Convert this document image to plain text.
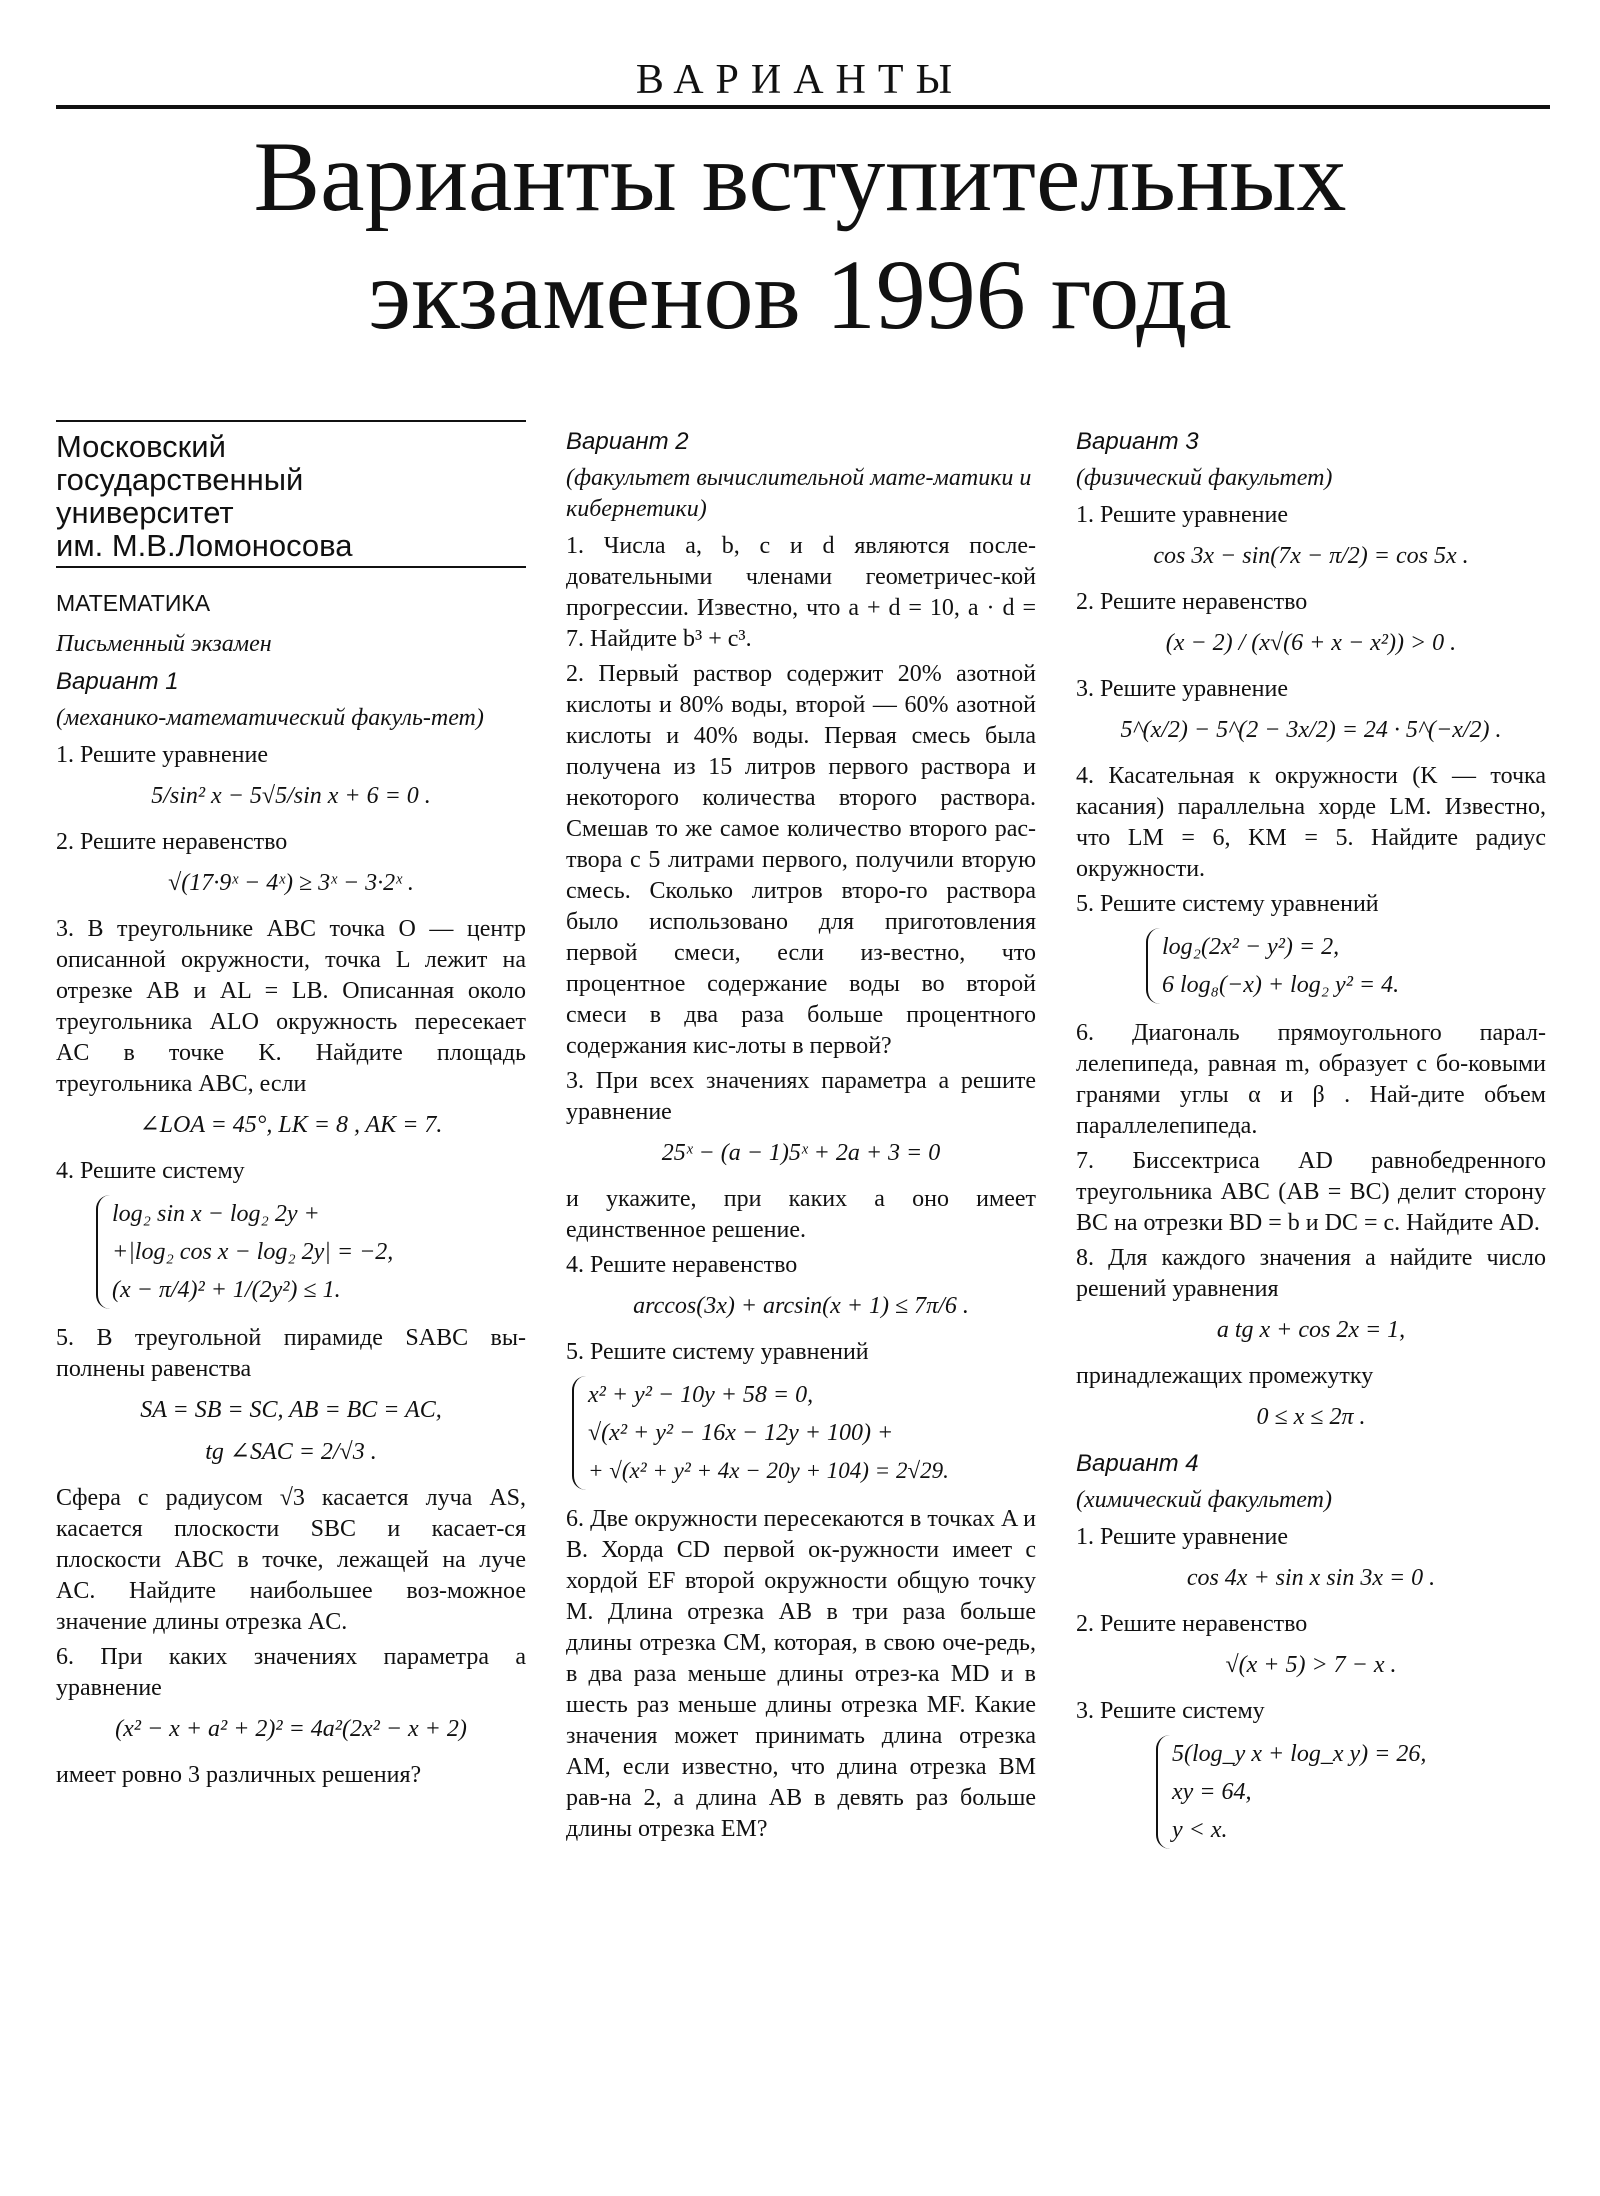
ВАРИАНТЫ
Варианты вступительных
экзаменов 1996 года
Московский
государственный
университет
им. М.В.Ломоносова
МАТЕМАТИКА
Письменный экзамен
Вариант 1
(механико-математический факуль-тет)
1. Решите уравнение
5/sin² x − 5√5/sin x + 6 = 0 .
2. Решите неравенство
√(17·9ˣ − 4ˣ) ≥ 3ˣ − 3·2ˣ .
3. В треугольнике ABC точка O — центр описанной окружности, точка L лежит на отрезке AB и AL = LB. Описанная около треугольника ALO окружность пересекает AC в точке K. Найдите площадь треугольника ABC, если
∠LOA = 45°, LK = 8 , AK = 7.
4. Решите систему
log₂ sin x − log₂ 2y +
+|log₂ cos x − log₂ 2y| = −2,
(x − π/4)² + 1/(2y²) ≤ 1.
5. В треугольной пирамиде SABC вы-полнены равенства
SA = SB = SC, AB = BC = AC,
tg ∠SAC = 2/√3 .
Сфера с радиусом √3 касается луча AS, касается плоскости SBC и касает-ся плоскости ABC в точке, лежащей на луче AC. Найдите наибольшее воз-можное значение длины отрезка AC.
6. При каких значениях параметра a уравнение
(x² − x + a² + 2)² = 4a²(2x² − x + 2)
имеет ровно 3 различных решения?
Вариант 2
(факультет вычислительной мате-матики и кибернетики)
1. Числа a, b, c и d являются после-довательными членами геометричес-кой прогрессии. Известно, что a + d = 10, a · d = 7. Найдите b³ + c³.
2. Первый раствор содержит 20% азотной кислоты и 80% воды, второй — 60% азотной кислоты и 40% воды. Первая смесь была получена из 15 литров первого раствора и некоторого количества второго раствора. Смешав то же самое количество второго рас-твора с 5 литрами первого, получили вторую смесь. Сколько литров второ-го раствора было использовано для приготовления первой смеси, если из-вестно, что процентное содержание воды во второй смеси в два раза больше процентного содержания кис-лоты в первой?
3. При всех значениях параметра a решите уравнение
25ˣ − (a − 1)5ˣ + 2a + 3 = 0
и укажите, при каких a оно имеет единственное решение.
4. Решите неравенство
arccos(3x) + arcsin(x + 1) ≤ 7π/6 .
5. Решите систему уравнений
x² + y² − 10y + 58 = 0,
√(x² + y² − 16x − 12y + 100) +
+ √(x² + y² + 4x − 20y + 104) = 2√29.
6. Две окружности пересекаются в точках A и B. Хорда CD первой ок-ружности имеет с хордой EF второй окружности общую точку M. Длина отрезка AB в три раза больше длины отрезка CM, которая, в свою оче-редь, в два раза меньше длины отрез-ка MD и в шесть раз меньше длины отрезка MF. Какие значения может принимать длина отрезка AM, если известно, что длина отрезка BM рав-на 2, а длина AB в девять раз больше длины отрезка EM?
Вариант 3
(физический факультет)
1. Решите уравнение
cos 3x − sin(7x − π/2) = cos 5x .
2. Решите неравенство
(x − 2) / (x√(6 + x − x²)) > 0 .
3. Решите уравнение
5^(x/2) − 5^(2 − 3x/2) = 24 · 5^(−x/2) .
4. Касательная к окружности (K — точка касания) параллельна хорде LM. Известно, что LM = 6, KM = 5. Найдите радиус окружности.
5. Решите систему уравнений
log₂(2x² − y²) = 2,
6 log₈(−x) + log₂ y² = 4.
6. Диагональ прямоугольного парал-лелепипеда, равная m, образует с бо-ковыми гранями углы α и β . Най-дите объем параллелепипеда.
7. Биссектриса AD равнобедренного треугольника ABC (AB = BC) делит сторону BC на отрезки BD = b и DC = c. Найдите AD.
8. Для каждого значения a найдите число решений уравнения
a tg x + cos 2x = 1,
принадлежащих промежутку
0 ≤ x ≤ 2π .
Вариант 4
(химический факультет)
1. Решите уравнение
cos 4x + sin x sin 3x = 0 .
2. Решите неравенство
√(x + 5) > 7 − x .
3. Решите систему
5(log_y x + log_x y) = 26,
xy = 64,
y < x.
